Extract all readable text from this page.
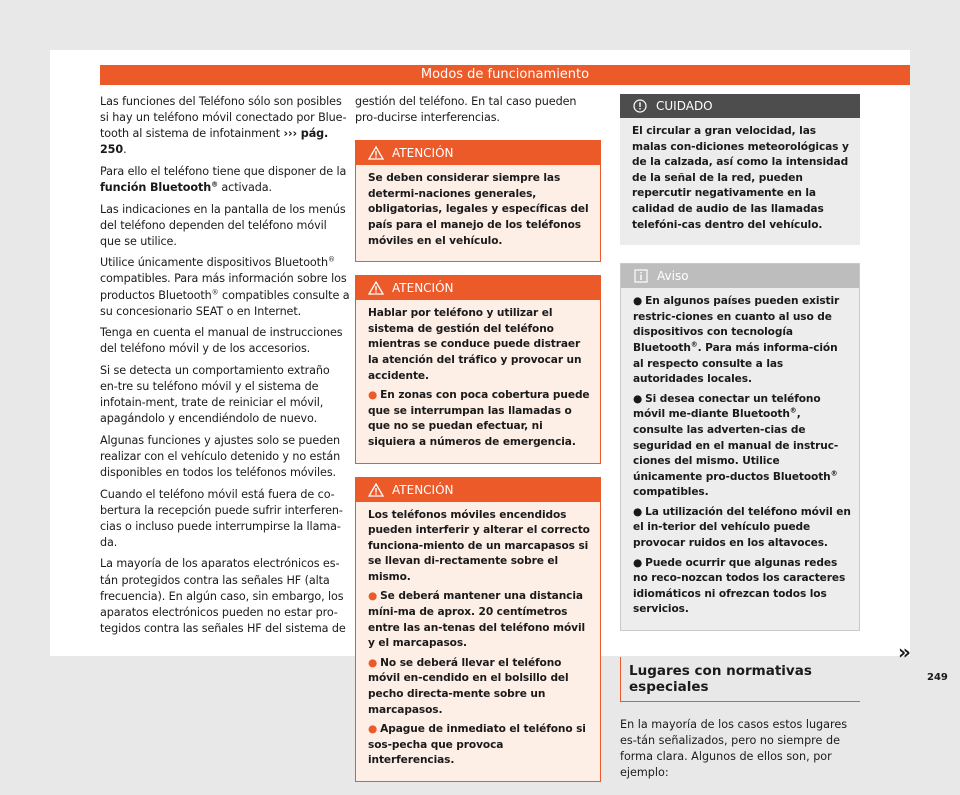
Modos de funcionamiento

Las funciones del Teléfono sólo son posibles si hay un teléfono móvil conectado por Blue-tooth al sistema de infotainment ››› pág. 250.

Para ello el teléfono tiene que disponer de la función Bluetooth® activada.

Las indicaciones en la pantalla de los menús del teléfono dependen del teléfono móvil que se utilice.

Utilice únicamente dispositivos Bluetooth® compatibles. Para más información sobre los productos Bluetooth® compatibles consulte a su concesionario SEAT o en Internet.

Tenga en cuenta el manual de instrucciones del teléfono móvil y de los accesorios.

Si se detecta un comportamiento extraño en-tre su teléfono móvil y el sistema de infotain-ment, trate de reiniciar el móvil, apagándolo y encendiéndolo de nuevo.

Algunas funciones y ajustes solo se pueden realizar con el vehículo detenido y no están disponibles en todos los teléfonos móviles.

Cuando el teléfono móvil está fuera de co-bertura la recepción puede sufrir interferen-cias o incluso puede interrumpirse la llama-da.

La mayoría de los aparatos electrónicos es-tán protegidos contra las señales HF (alta frecuencia). En algún caso, sin embargo, los aparatos electrónicos pueden no estar pro-tegidos contra las señales HF del sistema de

gestión del teléfono. En tal caso pueden pro-ducirse interferencias.

ATENCIÓN

Se deben considerar siempre las determi-naciones generales, obligatorias, legales y específicas del país para el manejo de los teléfonos móviles en el vehículo.

ATENCIÓN

Hablar por teléfono y utilizar el sistema de gestión del teléfono mientras se conduce puede distraer la atención del tráfico y provocar un accidente.

● En zonas con poca cobertura puede que se interrumpan las llamadas o que no se puedan efectuar, ni siquiera a números de emergencia.

ATENCIÓN

Los teléfonos móviles encendidos pueden interferir y alterar el correcto funciona-miento de un marcapasos si se llevan di-rectamente sobre el mismo.

● Se deberá mantener una distancia míni-ma de aprox. 20 centímetros entre las an-tenas del teléfono móvil y el marcapasos.

● No se deberá llevar el teléfono móvil en-cendido en el bolsillo del pecho directa-mente sobre un marcapasos.

● Apague de inmediato el teléfono si sos-pecha que provoca interferencias.

CUIDADO

El circular a gran velocidad, las malas con-diciones meteorológicas y de la calzada, así como la intensidad de la señal de la red, pueden repercutir negativamente en la calidad de audio de las llamadas telefóni-cas dentro del vehículo.

Aviso

● En algunos países pueden existir restric-ciones en cuanto al uso de dispositivos con tecnología Bluetooth®. Para más informa-ción al respecto consulte a las autoridades locales.

● Si desea conectar un teléfono móvil me-diante Bluetooth®, consulte las adverten-cias de seguridad en el manual de instruc-ciones del mismo. Utilice únicamente pro-ductos Bluetooth® compatibles.

● La utilización del teléfono móvil en el in-terior del vehículo puede provocar ruidos en los altavoces.

● Puede ocurrir que algunas redes no reco-nozcan todos los caracteres idiomáticos ni ofrezcan todos los servicios.

Lugares con normativas especiales

En la mayoría de los casos estos lugares es-tán señalizados, pero no siempre de forma clara. Algunos de ellos son, por ejemplo:

»
249
